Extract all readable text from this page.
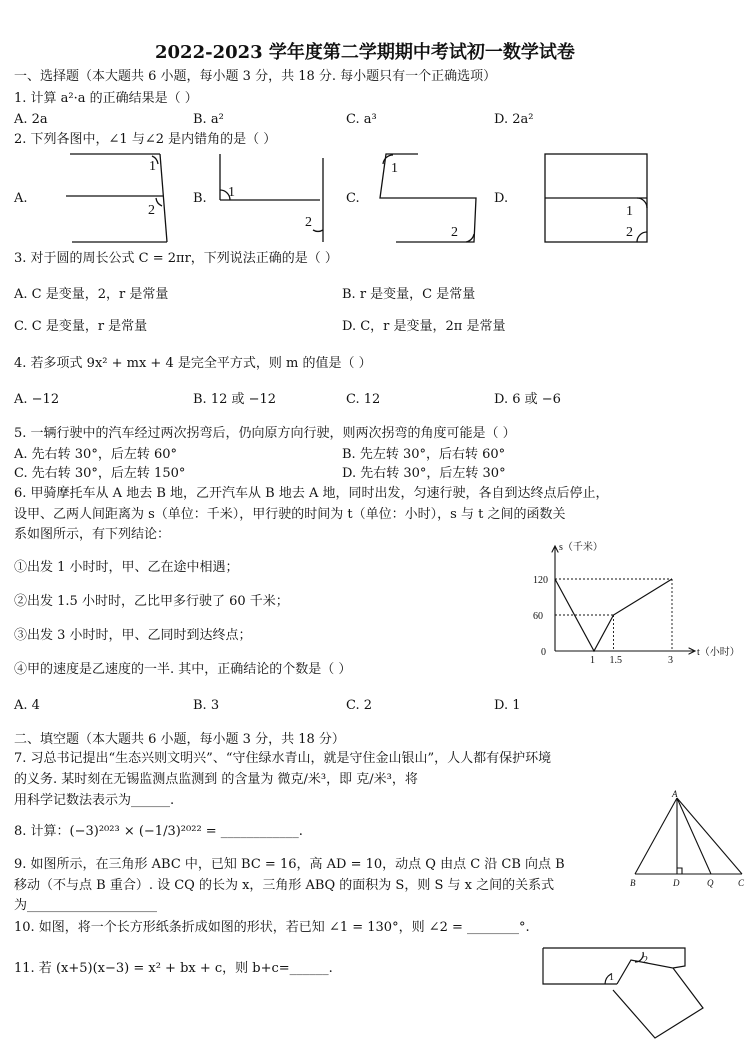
2022-2023 学年度第二学期期中考试初一数学试卷
一、选择题（本大题共 6 小题，每小题 3 分，共 18 分. 每小题只有一个正确选项）
1. 计算 a²·a 的正确结果是（ ）
A. 2a	B. a²	C. a³	D. 2a²
2. 下列各图中，∠1 与∠2 是内错角的是（ ）
A.	B.	C.	D.
1
2
1
2
1
2
1
2
3. 对于圆的周长公式 C = 2πr，下列说法正确的是（ ）
A. C 是变量，2，r 是常量	B. r 是变量，C 是常量
C. C 是变量，r 是常量	D. C，r 是变量，2π 是常量
4. 若多项式 9x² + mx + 4 是完全平方式，则 m 的值是（ ）
A. −12	B. 12 或 −12	C. 12	D. 6 或 −6
5. 一辆行驶中的汽车经过两次拐弯后，仍向原方向行驶，则两次拐弯的角度可能是（ ）
A. 先右转 30°，后左转 60°	B. 先左转 30°，后右转 60°
C. 先右转 30°，后左转 150°	D. 先右转 30°，后左转 30°
6. 甲骑摩托车从 A 地去 B 地，乙开汽车从 B 地去 A 地，同时出发，匀速行驶，各自到达终点后停止，
设甲、乙两人间距离为 s（单位：千米），甲行驶的时间为 t（单位：小时），s 与 t 之间的函数关
系如图所示，有下列结论：
①出发 1 小时时，甲、乙在途中相遇；
②出发 1.5 小时时，乙比甲多行驶了 60 千米；
③出发 3 小时时，甲、乙同时到达终点；
④甲的速度是乙速度的一半. 其中，正确结论的个数是（ ）
A. 4	B. 3	C. 2	D. 1
0
1 1.5	3
60
120
s（千米）
t（小时）
二、填空题（本大题共 6 小题，每小题 3 分，共 18 分）
7. 习总书记提出“生态兴则文明兴”、“守住绿水青山，就是守住金山银山”，人人都有保护环境
的义务. 某时刻在无锡监测点监测到 的含量为 微克/米³，即 克/米³，将
用科学记数法表示为______.
8. 计算：(−3)²⁰²³ × (−1/3)²⁰²² = ____________.
9. 如图所示，在三角形 ABC 中，已知 BC = 16，高 AD = 10，动点 Q 由点 C 沿 CB 向点 B
移动（不与点 B 重合）. 设 CQ 的长为 x，三角形 ABQ 的面积为 S，则 S 与 x 之间的关系式
为____________________
A
B	D	Q	C
10. 如图，将一个长方形纸条折成如图的形状，若已知 ∠1 = 130°，则 ∠2 = ________°.
11. 若 (x+5)(x−3) = x² + bx + c，则 b+c=______.
1
2
